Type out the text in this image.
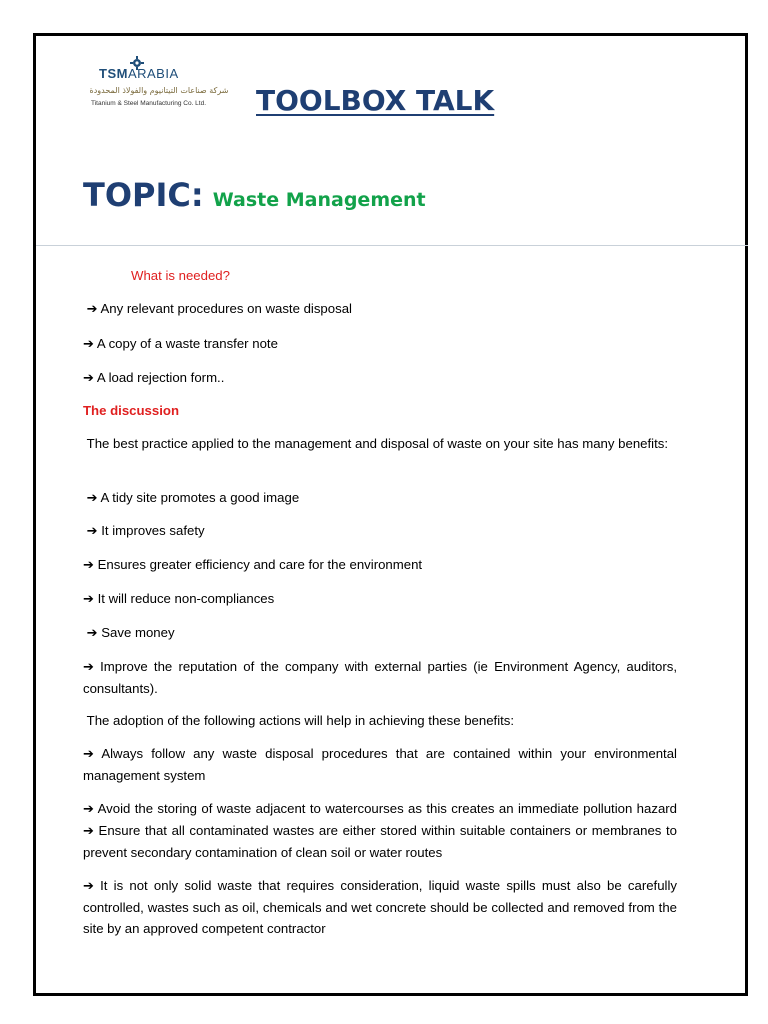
TSMARABIA
شركة صناعات التيتانيوم والفولاذ المحدودة
Titanium & Steel Manufacturing Co. Ltd. TOOLBOX TALK
TOPIC: Waste Management

What is needed?

➔ Any relevant procedures on waste disposal

➔ A copy of a waste transfer note

➔ A load rejection form..

The discussion

The best practice applied to the management and disposal of waste on your site has many benefits:

➔ A tidy site promotes a good image

➔ It improves safety

➔ Ensures greater efficiency and care for the environment

➔ It will reduce non-compliances

➔ Save money

➔ Improve the reputation of the company with external parties (ie Environment Agency, auditors, consultants).

The adoption of the following actions will help in achieving these benefits:

➔ Always follow any waste disposal procedures that are contained within your environmental management system

➔ Avoid the storing of waste adjacent to watercourses as this creates an immediate pollution hazard ➔ Ensure that all contaminated wastes are either stored within suitable containers or membranes to prevent secondary contamination of clean soil or water routes

➔ It is not only solid waste that requires consideration, liquid waste spills must also be carefully controlled, wastes such as oil, chemicals and wet concrete should be collected and removed from the site by an approved competent contractor
